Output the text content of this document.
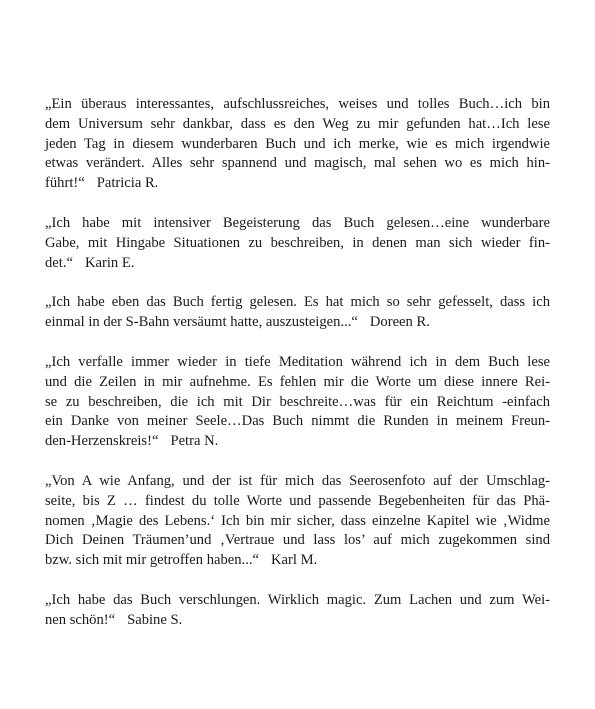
„Ein überaus interessantes, aufschlussreiches, weises und tolles Buch…ich bin
dem Universum sehr dankbar, dass es den Weg zu mir gefunden hat…Ich lese
jeden Tag in diesem wunderbaren Buch und ich merke, wie es mich irgendwie
etwas verändert. Alles sehr spannend und magisch, mal sehen wo es mich hin-
führt!“ Patricia R.
„Ich habe mit intensiver Begeisterung das Buch gelesen…eine wunderbare
Gabe, mit Hingabe Situationen zu beschreiben, in denen man sich wieder fin-
det.“ Karin E.
„Ich habe eben das Buch fertig gelesen. Es hat mich so sehr gefesselt, dass ich
einmal in der S-Bahn versäumt hatte, auszusteigen...“ Doreen R.
„Ich verfalle immer wieder in tiefe Meditation während ich in dem Buch lese
und die Zeilen in mir aufnehme. Es fehlen mir die Worte um diese innere Rei-
se zu beschreiben, die ich mit Dir beschreite…was für ein Reichtum -einfach
ein Danke von meiner Seele…Das Buch nimmt die Runden in meinem Freun-
den-Herzenskreis!“ Petra N.
„Von A wie Anfang, und der ist für mich das Seerosenfoto auf der Umschlag-
seite, bis Z … findest du tolle Worte und passende Begebenheiten für das Phä-
nomen ‚Magie des Lebens.‘ Ich bin mir sicher, dass einzelne Kapitel wie ‚Widme
Dich Deinen Träumen’und ‚Vertraue und lass los’ auf mich zugekommen sind
bzw. sich mit mir getroffen haben...“ Karl M.
„Ich habe das Buch verschlungen. Wirklich magic. Zum Lachen und zum Wei-
nen schön!“ Sabine S.
